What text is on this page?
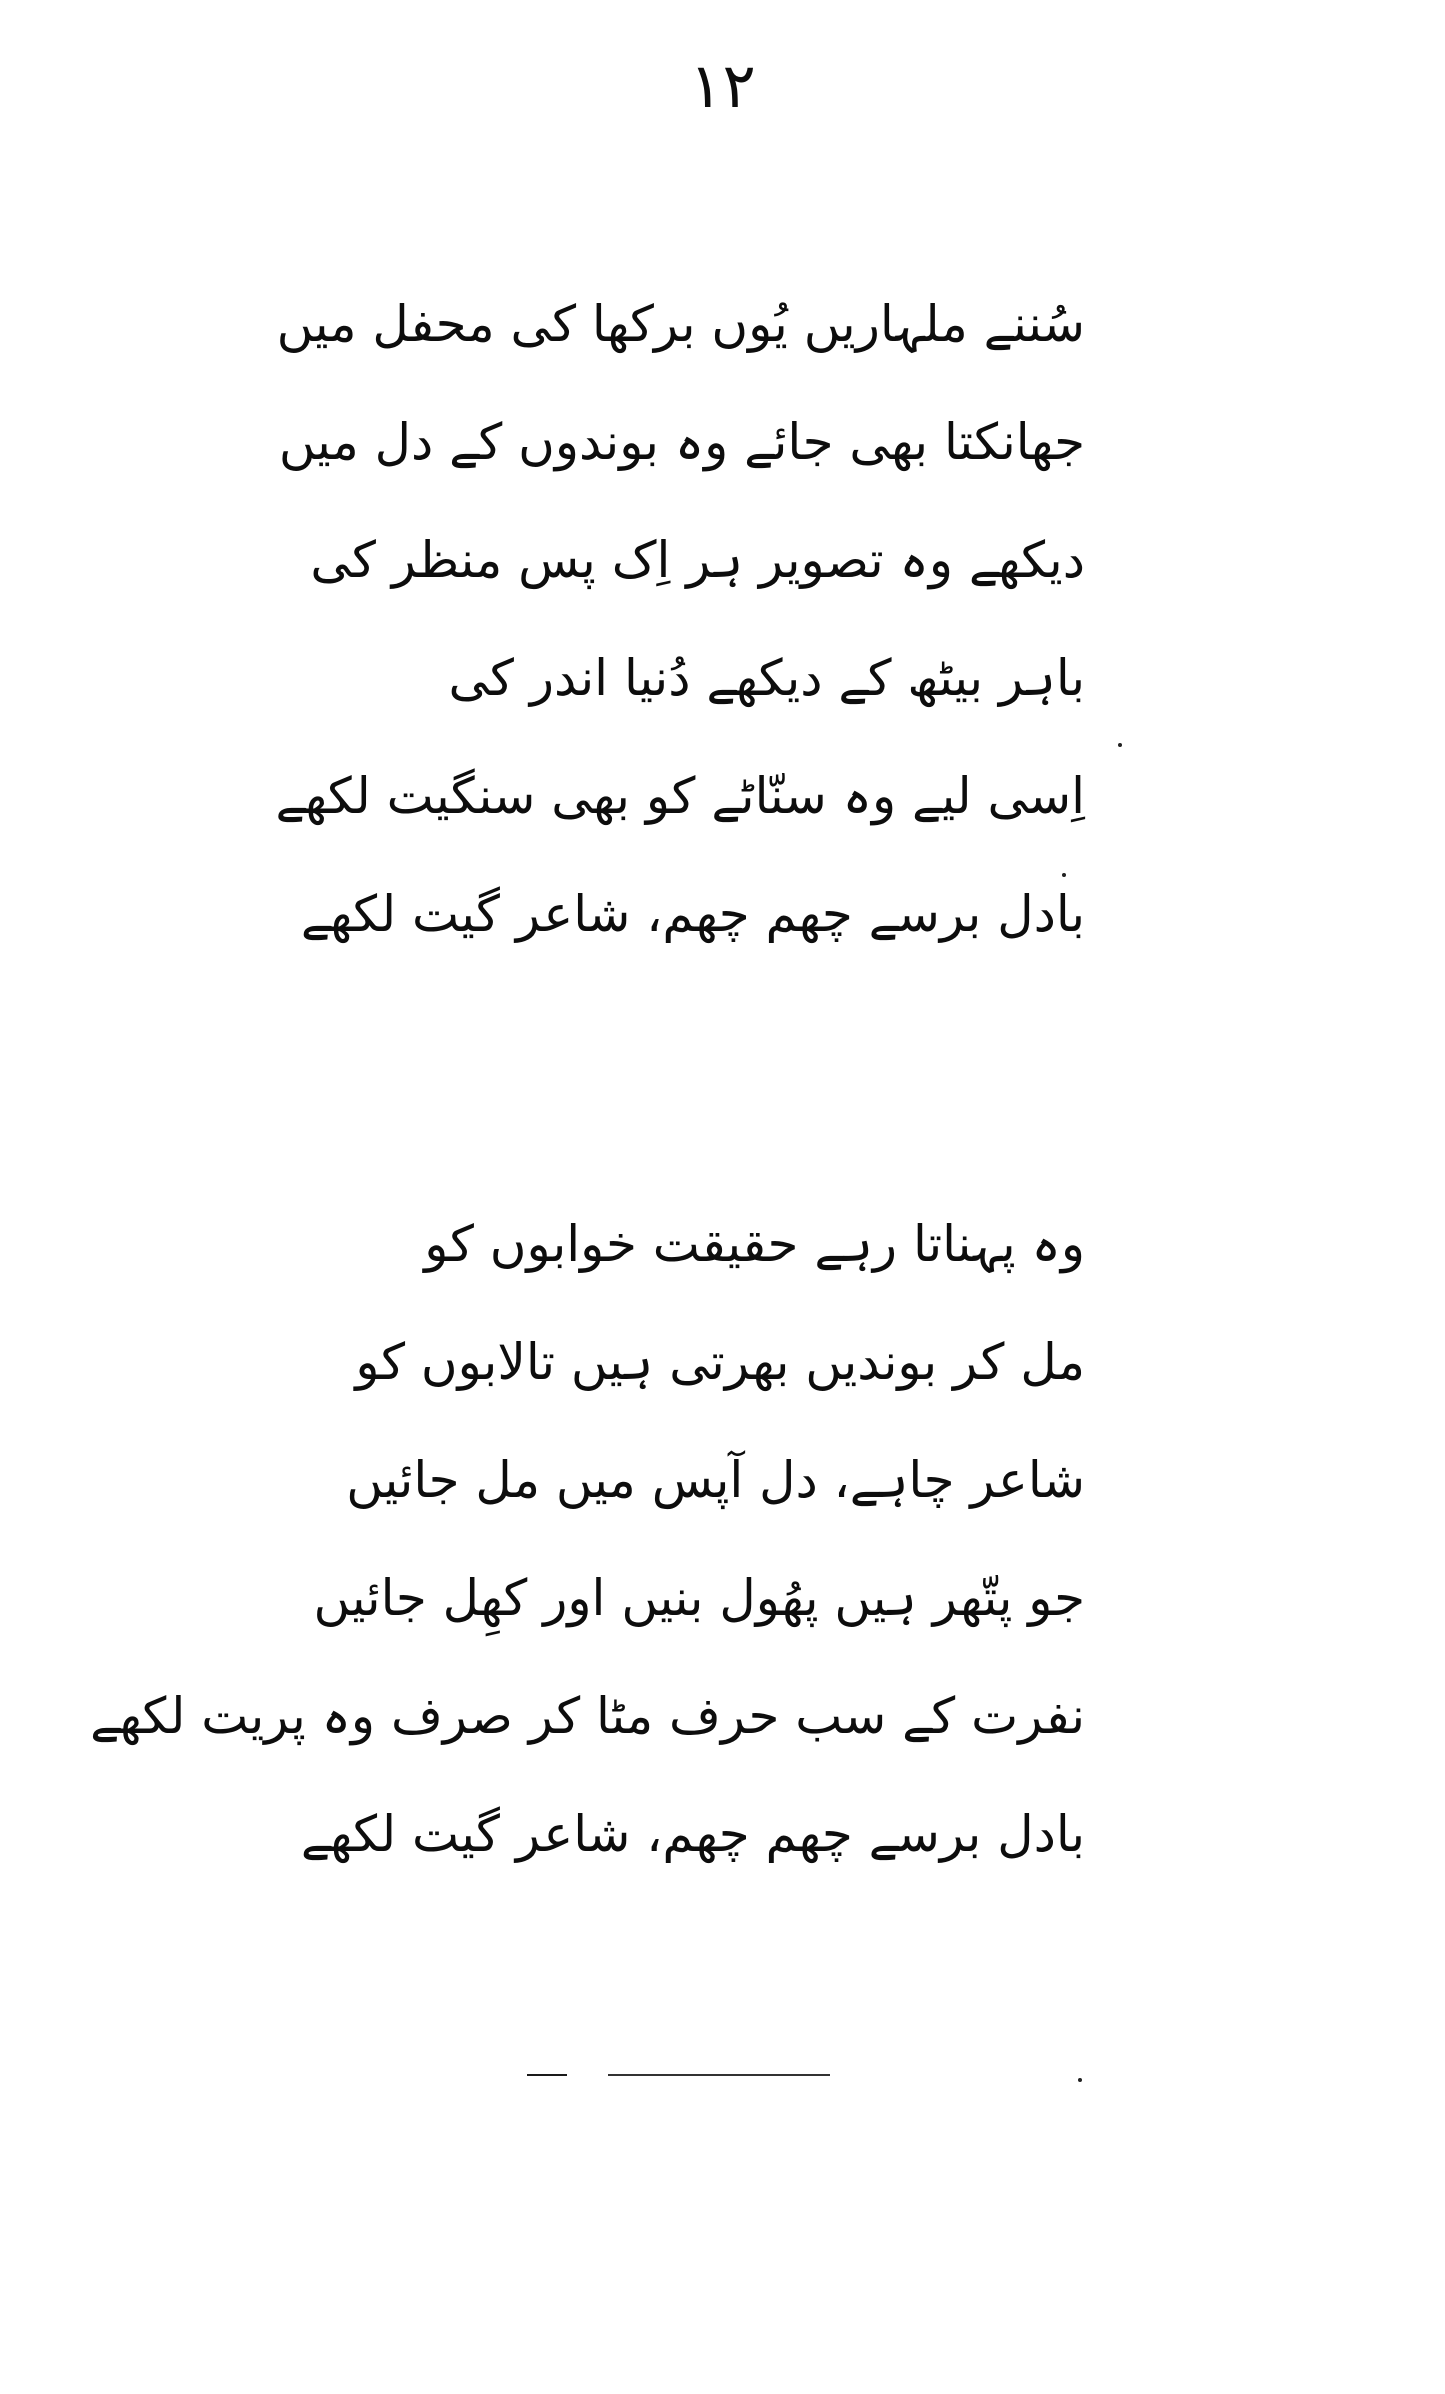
۱۲
سُننے ملہاریں یُوں برکھا کی محفل میں
جھانکتا بھی جائے وہ بوندوں کے دل میں
دیکھے وہ تصویر ہر اِک پس منظر کی
باہر بیٹھ کے دیکھے دُنیا اندر کی
اِسی لیے وہ سنّاٹے کو بھی سنگیت لکھے
بادل برسے چھم چھم، شاعر گیت لکھے
وہ پہناتا رہے حقیقت خوابوں کو
مل کر بوندیں بھرتی ہیں تالابوں کو
شاعر چاہے، دل آپس میں مل جائیں
جو پتّھر ہیں پھُول بنیں اور کھِل جائیں
نفرت کے سب حرف مٹا کر صرف وہ پریت لکھے
بادل برسے چھم چھم، شاعر گیت لکھے
